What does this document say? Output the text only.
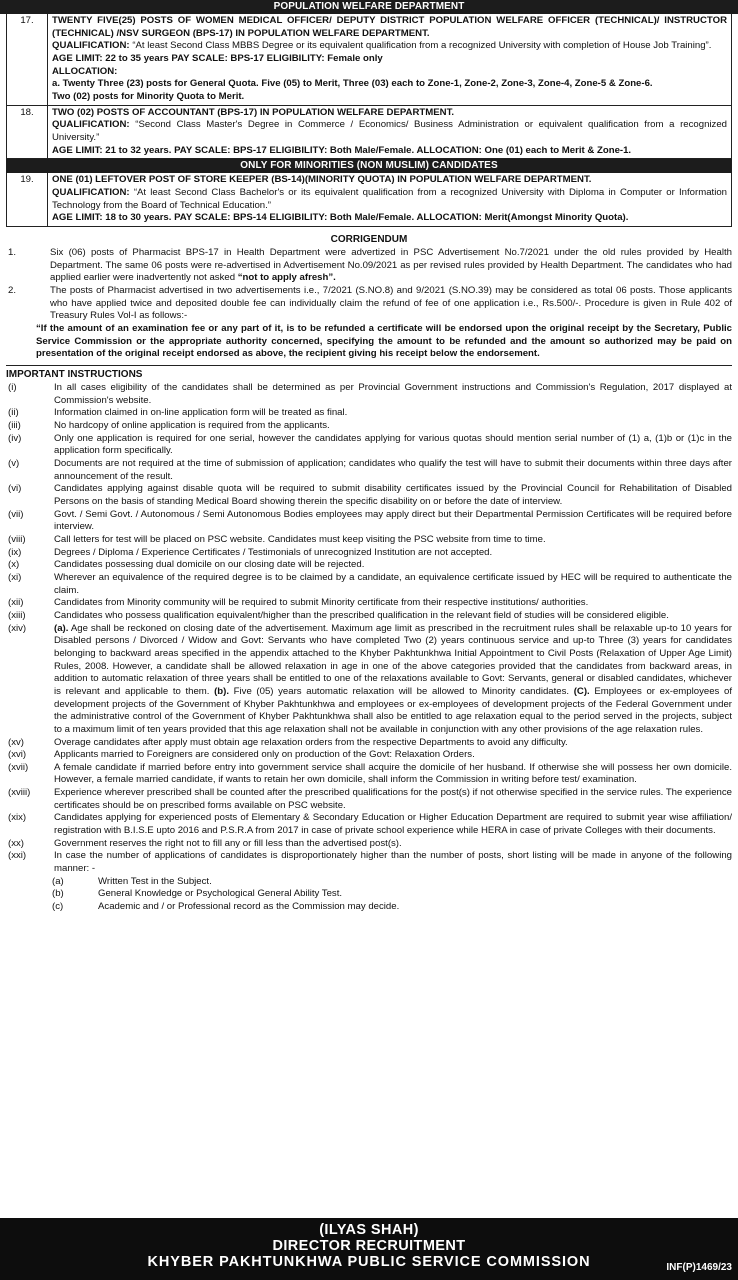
POPULATION WELFARE DEPARTMENT
17.	TWENTY FIVE(25) POSTS OF WOMEN MEDICAL OFFICER/ DEPUTY DISTRICT POPULATION WELFARE OFFICER (TECHNICAL)/ INSTRUCTOR (TECHNICAL) /NSV SURGEON (BPS-17) IN POPULATION WELFARE DEPARTMENT.
QUALIFICATION: “At least Second Class MBBS Degree or its equivalent qualification from a recognized University with completion of House Job Training”.
AGE LIMIT: 22 to 35 years PAY SCALE: BPS-17 ELIGIBILITY: Female only
ALLOCATION:
a. Twenty Three (23) posts for General Quota. Five (05) to Merit, Three (03) each to Zone-1, Zone-2, Zone-3, Zone-4, Zone-5 & Zone-6.
Two (02) posts for Minority Quota to Merit.
18.	TWO (02) POSTS OF ACCOUNTANT (BPS-17) IN POPULATION WELFARE DEPARTMENT.
QUALIFICATION: “Second Class Master's Degree in Commerce / Economics/ Business Administration or equivalent qualification from a recognized University.”
AGE LIMIT: 21 to 32 years. PAY SCALE: BPS-17 ELIGIBILITY: Both Male/Female. ALLOCATION: One (01) each to Merit & Zone-1.
ONLY FOR MINORITIES (NON MUSLIM) CANDIDATES
19.	ONE (01) LEFTOVER POST OF STORE KEEPER (BS-14)(MINORITY QUOTA) IN POPULATION WELFARE DEPARTMENT.
QUALIFICATION: “At least Second Class Bachelor's or its equivalent qualification from a recognized University with Diploma in Computer or Information Technology from the Board of Technical Education.”
AGE LIMIT: 18 to 30 years. PAY SCALE: BPS-14 ELIGIBILITY: Both Male/Female. ALLOCATION: Merit(Amongst Minority Quota).
CORRIGENDUM
1.	Six (06) posts of Pharmacist BPS-17 in Health Department were advertized in PSC Advertisement No.7/2021 under the old rules provided by Health Department. The same 06 posts were re-advertised in Advertisement No.09/2021 as per revised rules provided by Health Department. The candidates who had applied earlier were inadvertently not asked “not to apply afresh”.
2.	The posts of Pharmacist advertised in two advertisements i.e., 7/2021 (S.NO.8) and 9/2021 (S.NO.39) may be considered as total 06 posts. Those applicants who have applied twice and deposited double fee can individually claim the refund of fee of one application i.e., Rs.500/-. Procedure is given in Rule 402 of Treasury Rules Vol-I as follows:-
“If the amount of an examination fee or any part of it, is to be refunded a certificate will be endorsed upon the original receipt by the Secretary, Public Service Commission or the appropriate authority concerned, specifying the amount to be refunded and the amount so authorized may be paid on presentation of the original receipt endorsed as above, the recipient giving his receipt below the endorsement.
IMPORTANT INSTRUCTIONS
(i)	In all cases eligibility of the candidates shall be determined as per Provincial Government instructions and Commission's Regulation, 2017 displayed at Commission's website.
(ii)	Information claimed in on-line application form will be treated as final.
(iii)	No hardcopy of online application is required from the applicants.
(iv)	Only one application is required for one serial, however the candidates applying for various quotas should mention serial number of (1) a, (1)b or (1)c in the application form specifically.
(v)	Documents are not required at the time of submission of application; candidates who qualify the test will have to submit their documents within three days after announcement of the result.
(vi)	Candidates applying against disable quota will be required to submit disability certificates issued by the Provincial Council for Rehabilitation of Disabled Persons on the basis of standing Medical Board showing therein the specific disability on or before the date of interview.
(vii)	Govt. / Semi Govt. / Autonomous / Semi Autonomous Bodies employees may apply direct but their Departmental Permission Certificates will be required before interview.
(viii)	Call letters for test will be placed on PSC website. Candidates must keep visiting the PSC website from time to time.
(ix)	Degrees / Diploma / Experience Certificates / Testimonials of unrecognized Institution are not accepted.
(x)	Candidates possessing dual domicile on our closing date will be rejected.
(xi)	Wherever an equivalence of the required degree is to be claimed by a candidate, an equivalence certificate issued by HEC will be required to authenticate the claim.
(xii)	Candidates from Minority community will be required to submit Minority certificate from their respective institutions/ authorities.
(xiii)	Candidates who possess qualification equivalent/higher than the prescribed qualification in the relevant field of studies will be considered eligible.
(xiv)	(a). Age shall be reckoned on closing date of the advertisement. Maximum age limit as prescribed in the recruitment rules shall be relaxable up-to 10 years for Disabled persons / Divorced / Widow and Govt: Servants who have completed Two (2) years continuous service and up-to Three (3) years for candidates belonging to backward areas specified in the appendix attached to the Khyber Pakhtunkhwa Initial Appointment to Civil Posts (Relaxation of Upper Age Limit) Rules, 2008. However, a candidate shall be allowed relaxation in age in one of the above categories provided that the candidates from backward areas, in addition to automatic relaxation of three years shall be entitled to one of the relaxations available to Govt: Servants, general or disabled candidates, whichever is relevant and applicable to them. (b). Five (05) years automatic relaxation will be allowed to Minority candidates. (C). Employees or ex-employees of development projects of the Government of Khyber Pakhtunkhwa and employees or ex-employees of development projects of the Federal Government under the administrative control of the Government of Khyber Pakhtunkhwa shall also be entitled to age relaxation equal to the period served in the projects, subject to a maximum limit of ten years provided that this age relaxation shall not be available in conjunction with any other provisions of the age relaxation rules.
(xv)	Overage candidates after apply must obtain age relaxation orders from the respective Departments to avoid any difficulty.
(xvi)	Applicants married to Foreigners are considered only on production of the Govt: Relaxation Orders.
(xvii)	A female candidate if married before entry into government service shall acquire the domicile of her husband. If otherwise she will possess her own domicile. However, a female married candidate, if wants to retain her own domicile, shall inform the Commission in writing before test/ examination.
(xviii)	Experience wherever prescribed shall be counted after the prescribed qualifications for the post(s) if not otherwise specified in the service rules. The experience certificates should be on prescribed forms available on PSC website.
(xix)	Candidates applying for experienced posts of Elementary & Secondary Education or Higher Education Department are required to submit year wise affiliation/ registration with B.I.S.E upto 2016 and P.S.R.A from 2017 in case of private school experience while HERA in case of private Colleges with their documents.
(xx)	Government reserves the right not to fill any or fill less than the advertised post(s).
(xxi)	In case the number of applications of candidates is disproportionately higher than the number of posts, short listing will be made in anyone of the following manner: -
(a)	Written Test in the Subject.
(b)	General Knowledge or Psychological General Ability Test.
(c)	Academic and / or Professional record as the Commission may decide.
(ILYAS SHAH)
DIRECTOR RECRUITMENT
KHYBER PAKHTUNKHWA PUBLIC SERVICE COMMISSION	INF(P)1469/23
